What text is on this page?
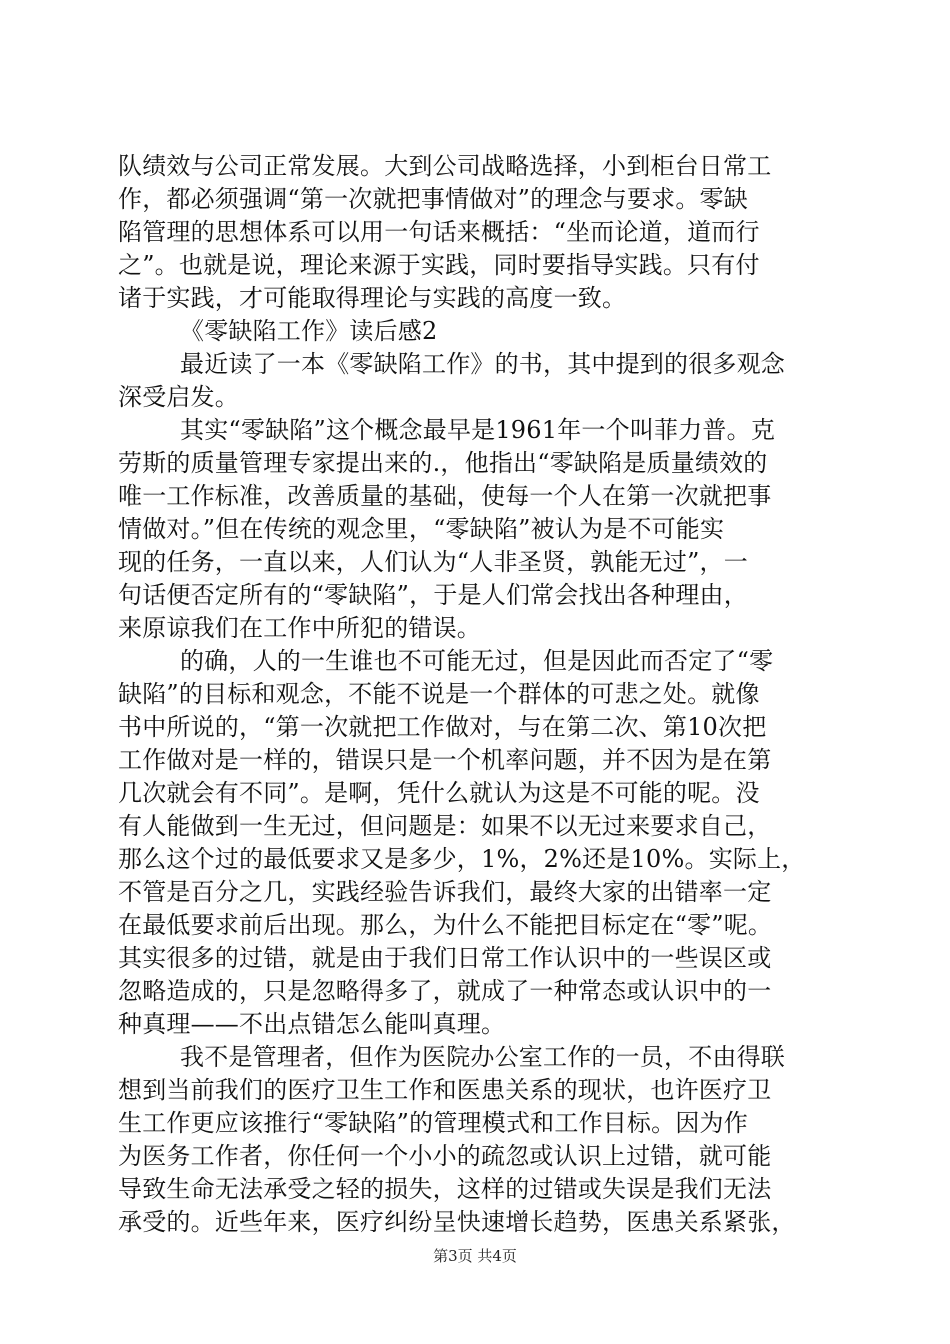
队绩效与公司正常发展。大到公司战略选择，小到柜台日常工
作，都必须强调“第一次就把事情做对”的理念与要求。零缺
陷管理的思想体系可以用一句话来概括：“坐而论道，道而行
之”。也就是说，理论来源于实践，同时要指导实践。只有付
诸于实践，才可能取得理论与实践的高度一致。
《零缺陷工作》读后感2
最近读了一本《零缺陷工作》的书，其中提到的很多观念
深受启发。
其实“零缺陷”这个概念最早是1961年一个叫菲力普。克
劳斯的质量管理专家提出来的.，他指出“零缺陷是质量绩效的
唯一工作标准，改善质量的基础，使每一个人在第一次就把事
情做对。”但在传统的观念里，“零缺陷”被认为是不可能实
现的任务，一直以来，人们认为“人非圣贤，孰能无过”，一
句话便否定所有的“零缺陷”，于是人们常会找出各种理由，
来原谅我们在工作中所犯的错误。
的确，人的一生谁也不可能无过，但是因此而否定了“零
缺陷”的目标和观念，不能不说是一个群体的可悲之处。就像
书中所说的，“第一次就把工作做对，与在第二次、第10次把
工作做对是一样的，错误只是一个机率问题，并不因为是在第
几次就会有不同”。是啊，凭什么就认为这是不可能的呢。没
有人能做到一生无过，但问题是：如果不以无过来要求自己，
那么这个过的最低要求又是多少，1%，2%还是10%。实际上，
不管是百分之几，实践经验告诉我们，最终大家的出错率一定
在最低要求前后出现。那么，为什么不能把目标定在“零”呢。
其实很多的过错，就是由于我们日常工作认识中的一些误区或
忽略造成的，只是忽略得多了，就成了一种常态或认识中的一
种真理——不出点错怎么能叫真理。
我不是管理者，但作为医院办公室工作的一员，不由得联
想到当前我们的医疗卫生工作和医患关系的现状，也许医疗卫
生工作更应该推行“零缺陷”的管理模式和工作目标。因为作
为医务工作者，你任何一个小小的疏忽或认识上过错，就可能
导致生命无法承受之轻的损失，这样的过错或失误是我们无法
承受的。近些年来，医疗纠纷呈快速增长趋势，医患关系紧张，
第3页 共4页
